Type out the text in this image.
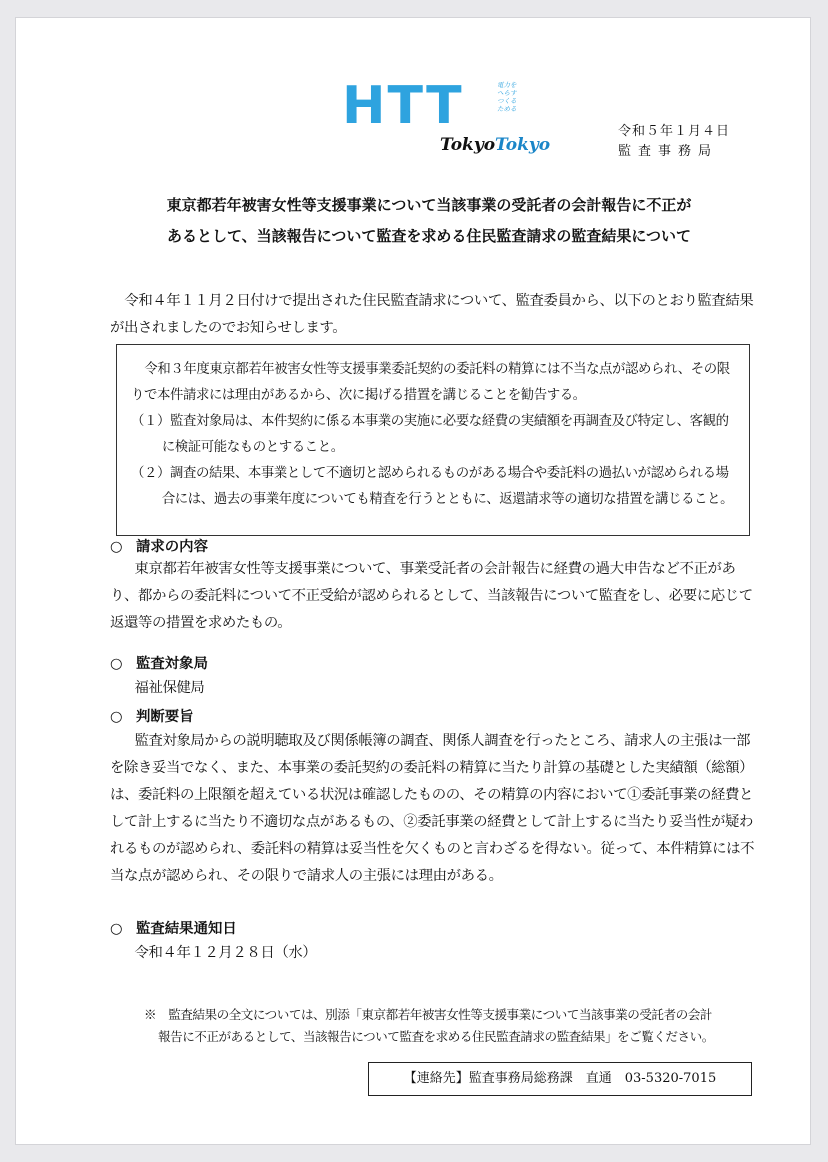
HTT	電力を
へらす
つくる
ためる
TokyoTokyo
令和５年１月４日
監査事務局
東京都若年被害女性等支援事業について当該事業の受託者の会計報告に不正が
あるとして、当該報告について監査を求める住民監査請求の監査結果について
令和４年１１月２日付けで提出された住民監査請求について、監査委員から、以下のとおり監査結果が出されましたのでお知らせします。

令和３年度東京都若年被害女性等支援事業委託契約の委託料の精算には不当な点が認められ、その限りで本件請求には理由があるから、次に掲げる措置を講じることを勧告する。

（１）監査対象局は、本件契約に係る本事業の実施に必要な経費の実績額を再調査及び特定し、客観的に検証可能なものとすること。

（２）調査の結果、本事業として不適切と認められるものがある場合や委託料の過払いが認められる場合には、過去の事業年度についても精査を行うとともに、返還請求等の適切な措置を講じること。

○ 請求の内容
東京都若年被害女性等支援事業について、事業受託者の会計報告に経費の過大申告など不正があり、都からの委託料について不正受給が認められるとして、当該報告について監査をし、必要に応じて返還等の措置を求めたもの。
○ 監査対象局
福祉保健局
○ 判断要旨
監査対象局からの説明聴取及び関係帳簿の調査、関係人調査を行ったところ、請求人の主張は一部を除き妥当でなく、また、本事業の委託契約の委託料の精算に当たり計算の基礎とした実績額（総額）は、委託料の上限額を超えている状況は確認したものの、その精算の内容において①委託事業の経費として計上するに当たり不適切な点があるもの、②委託事業の経費として計上するに当たり妥当性が疑われるものが認められ、委託料の精算は妥当性を欠くものと言わざるを得ない。従って、本件精算には不当な点が認められ、その限りで請求人の主張には理由がある。
○ 監査結果通知日
令和４年１２月２８日（水）
※　監査結果の全文については、別添「東京都若年被害女性等支援事業について当該事業の受託者の会計
報告に不正があるとして、当該報告について監査を求める住民監査請求の監査結果」をご覧ください。
【連絡先】監査事務局総務課　直通　03-5320-7015
